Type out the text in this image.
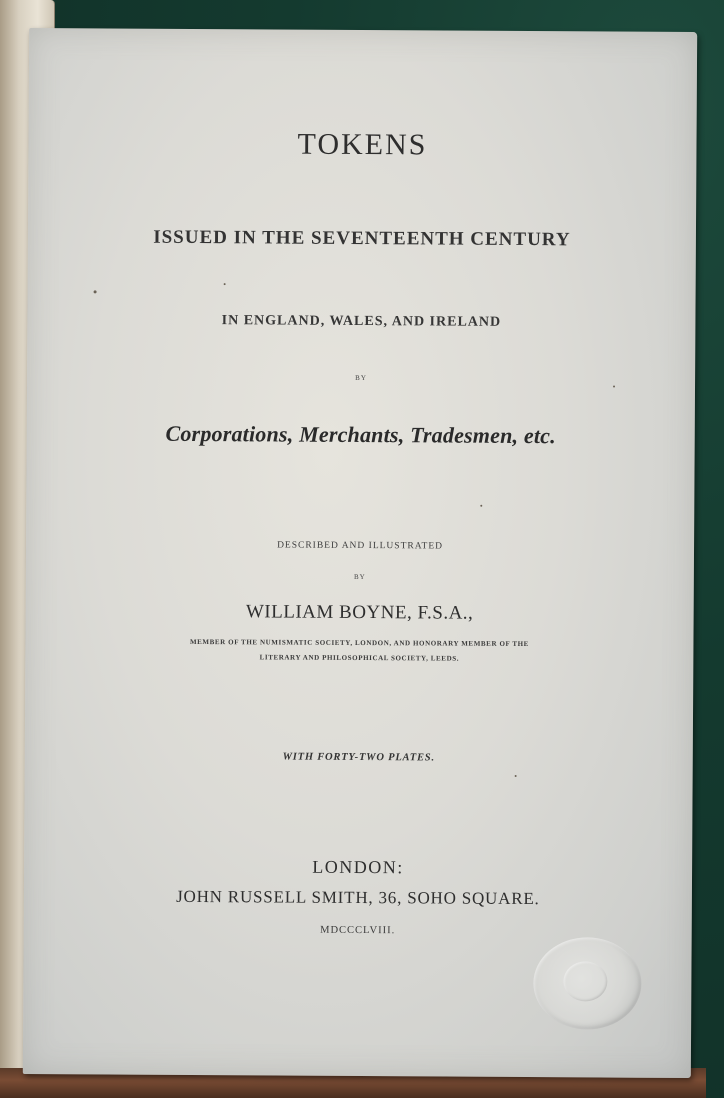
TOKENS
ISSUED IN THE SEVENTEENTH CENTURY
IN ENGLAND, WALES, AND IRELAND
BY
Corporations, Merchants, Tradesmen, etc.
DESCRIBED AND ILLUSTRATED
BY
WILLIAM BOYNE, F.S.A.,
MEMBER OF THE NUMISMATIC SOCIETY, LONDON, AND HONORARY MEMBER OF THE
LITERARY AND PHILOSOPHICAL SOCIETY, LEEDS.
WITH FORTY-TWO PLATES.
LONDON:
JOHN RUSSELL SMITH, 36, SOHO SQUARE.
MDCCCLVIII.
